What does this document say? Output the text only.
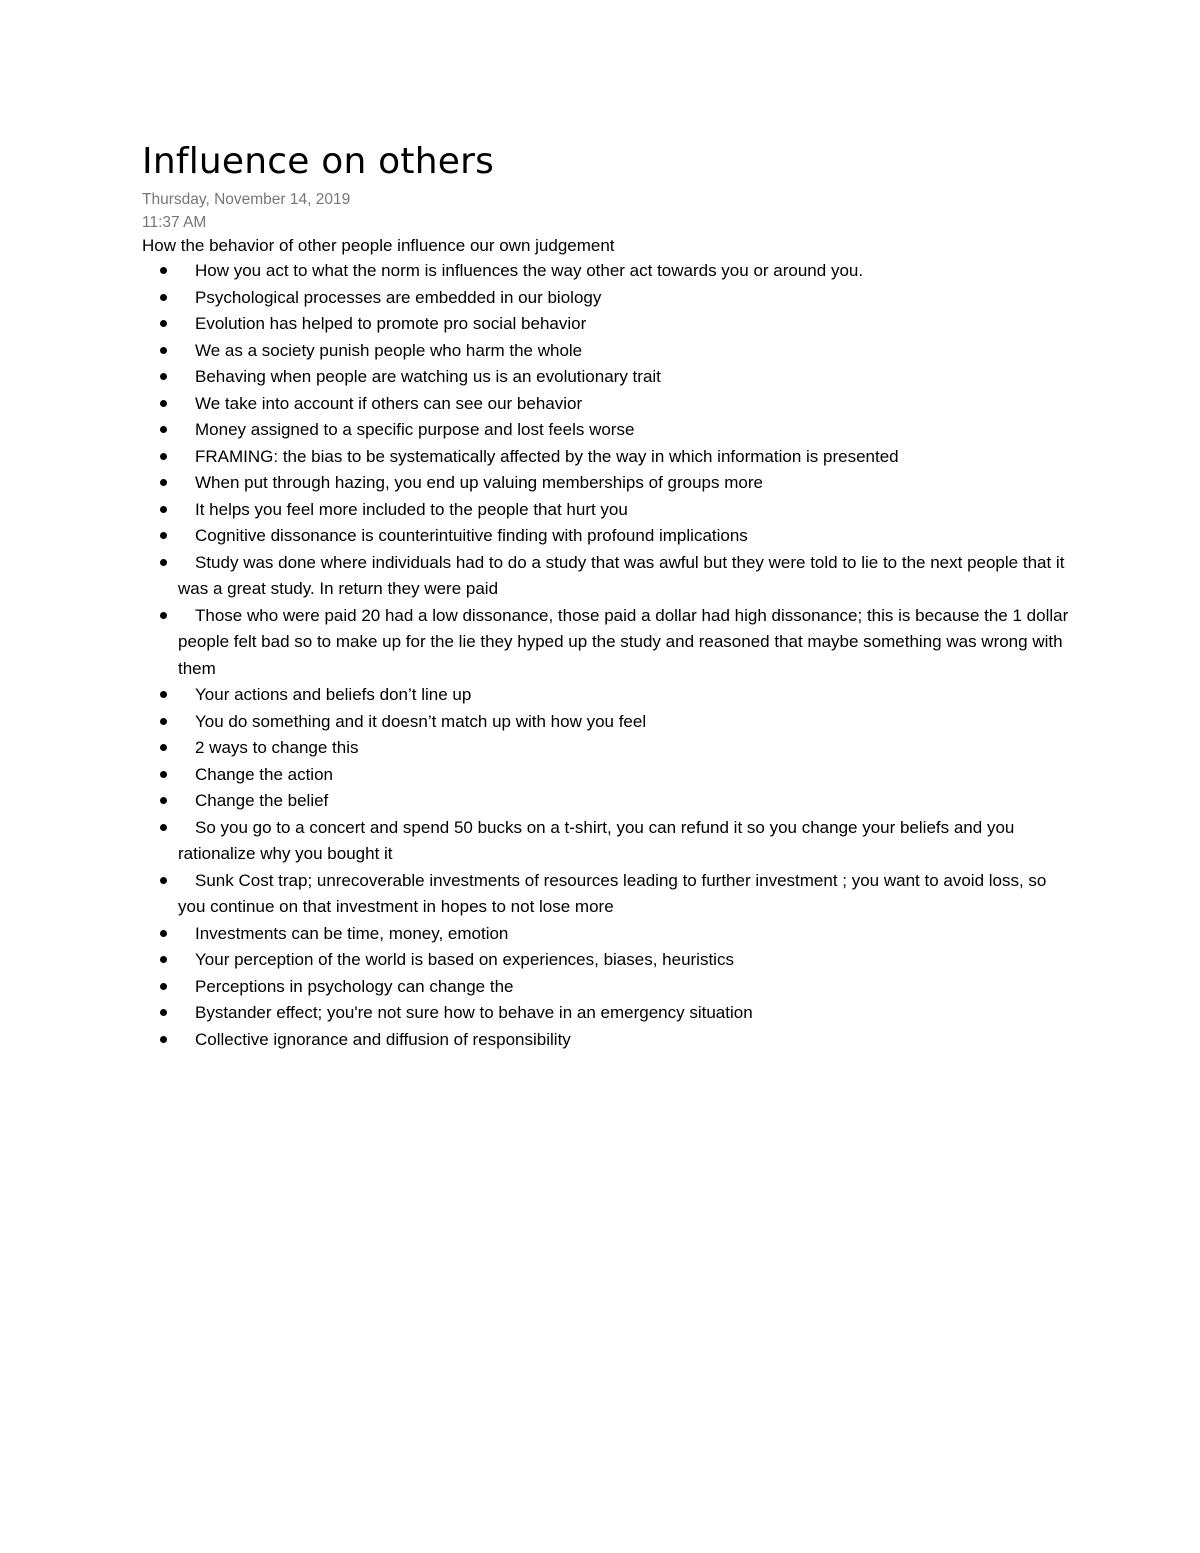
Influence on others

Thursday, November 14, 2019

11:37 AM

How the behavior of other people influence our own judgement

How you act to what the norm is influences the way other act towards you or around you.
Psychological processes are embedded in our biology
Evolution has helped to promote pro social behavior
We as a society punish people who harm the whole
Behaving when people are watching us is an evolutionary trait
We take into account if others can see our behavior
Money assigned to a specific purpose and lost feels worse
FRAMING: the bias to be systematically affected by the way in which information is presented
When put through hazing, you end up valuing memberships of groups more
It helps you feel more included to the people that hurt you
Cognitive dissonance is counterintuitive finding with profound implications
Study was done where individuals had to do a study that was awful but they were told to lie to the next people that it was a great study. In return they were paid
Those who were paid 20 had a low dissonance, those paid a dollar had high dissonance; this is because the 1 dollar people felt bad so to make up for the lie they hyped up the study and reasoned that maybe something was wrong with them
Your actions and beliefs don’t line up
You do something and it doesn’t match up with how you feel
2 ways to change this
Change the action
Change the belief
So you go to a concert and spend 50 bucks on a t-shirt, you can refund it so you change your beliefs and you rationalize why you bought it
Sunk Cost trap; unrecoverable investments of resources leading to further investment ; you want to avoid loss, so you continue on that investment in hopes to not lose more
Investments can be time, money, emotion
Your perception of the world is based on experiences, biases, heuristics
Perceptions in psychology can change the
Bystander effect; you're not sure how to behave in an emergency situation
Collective ignorance and diffusion of responsibility
